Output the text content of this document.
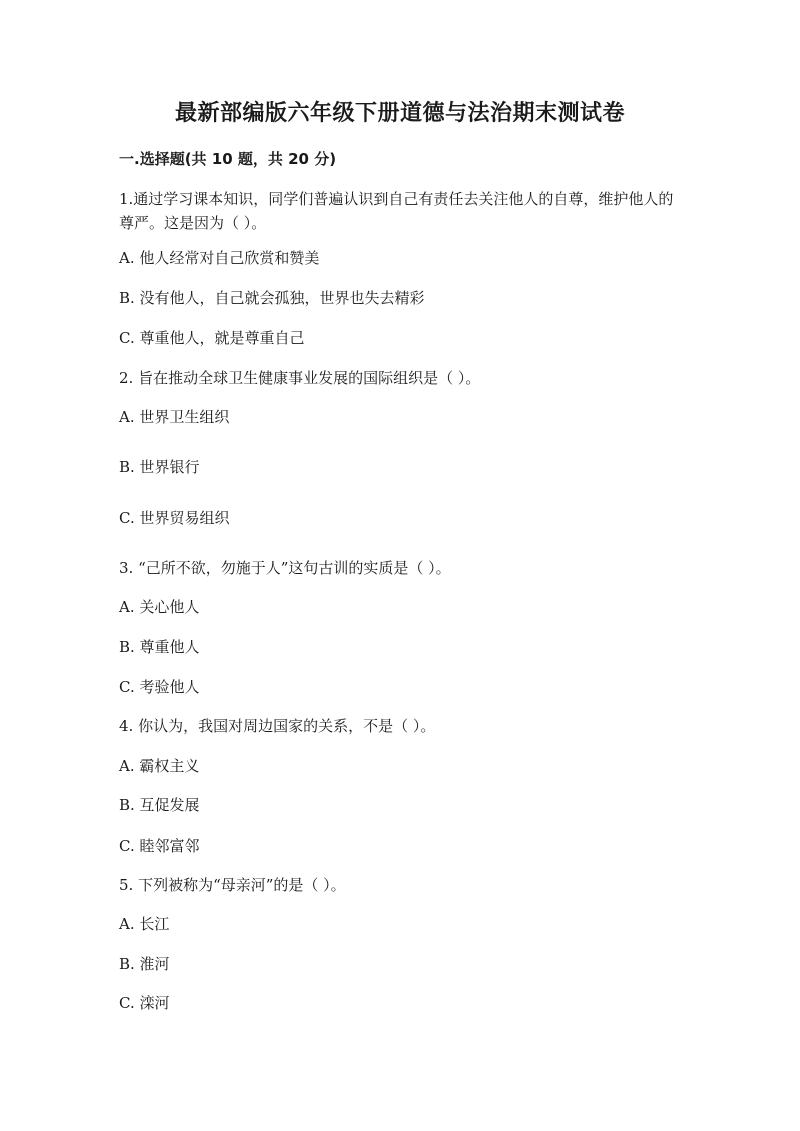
最新部编版六年级下册道德与法治期末测试卷
一.选择题(共 10 题，共 20 分)
1.通过学习课本知识，同学们普遍认识到自己有责任去关注他人的自尊，维护他人的尊严。这是因为（ ）。
A. 他人经常对自己欣赏和赞美
B. 没有他人，自己就会孤独，世界也失去精彩
C. 尊重他人，就是尊重自己
2. 旨在推动全球卫生健康事业发展的国际组织是（ ）。
A. 世界卫生组织
B. 世界银行
C. 世界贸易组织
3. “己所不欲，勿施于人”这句古训的实质是（ ）。
A. 关心他人
B. 尊重他人
C. 考验他人
4. 你认为，我国对周边国家的关系，不是（ ）。
A. 霸权主义
B. 互促发展
C. 睦邻富邻
5. 下列被称为“母亲河”的是（ ）。
A. 长江
B. 淮河
C. 滦河
